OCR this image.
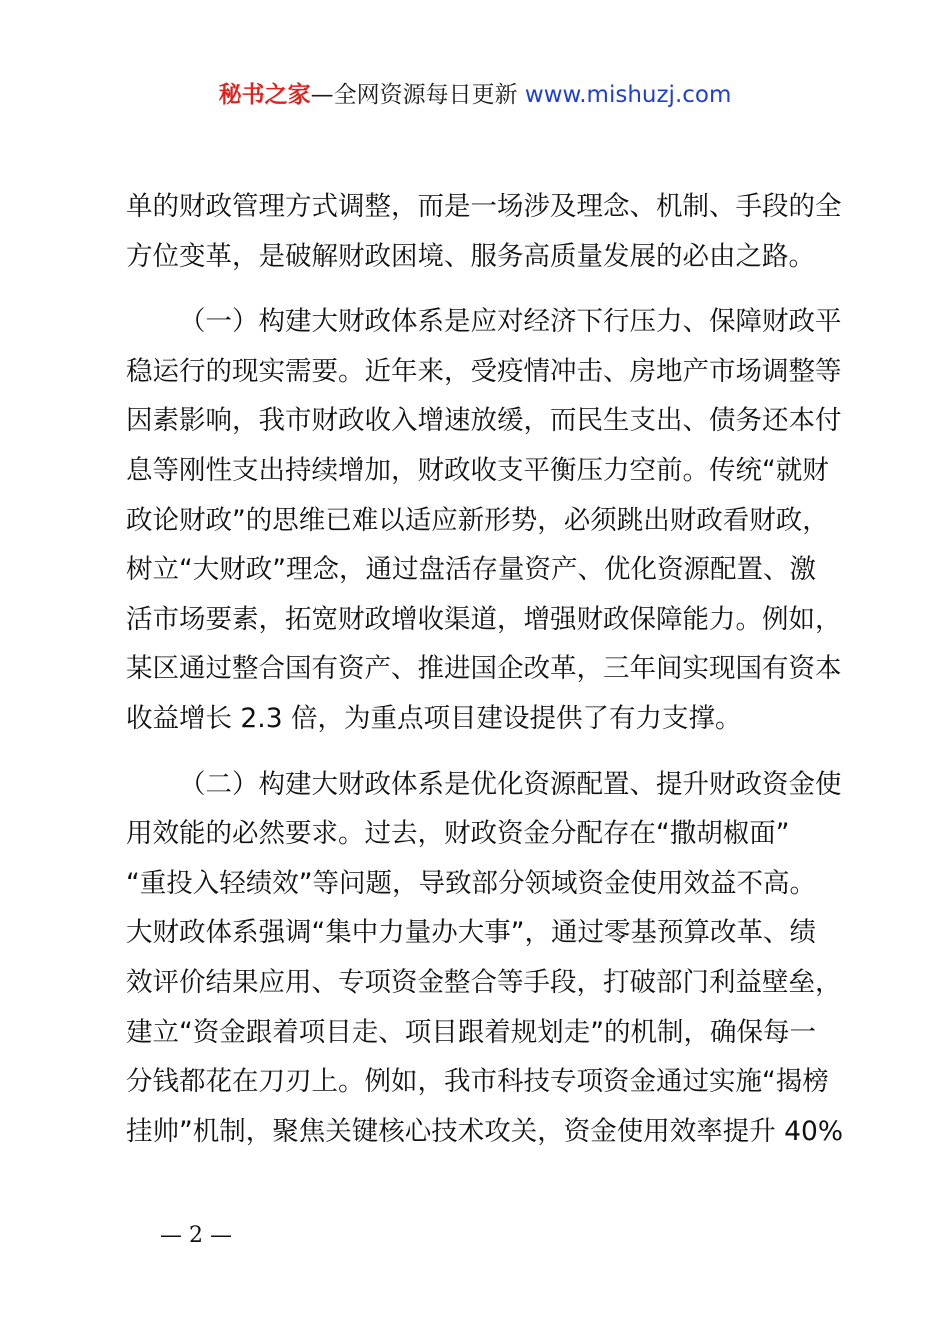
秘书之家—全网资源每日更新 www.mishuzj.com
单的财政管理方式调整，而是一场涉及理念、机制、手段的全
方位变革，是破解财政困境、服务高质量发展的必由之路。
（一）构建大财政体系是应对经济下行压力、保障财政平
稳运行的现实需要。近年来，受疫情冲击、房地产市场调整等
因素影响，我市财政收入增速放缓，而民生支出、债务还本付
息等刚性支出持续增加，财政收支平衡压力空前。传统“就财
政论财政”的思维已难以适应新形势，必须跳出财政看财政，
树立“大财政”理念，通过盘活存量资产、优化资源配置、激
活市场要素，拓宽财政增收渠道，增强财政保障能力。例如，
某区通过整合国有资产、推进国企改革，三年间实现国有资本
收益增长 2.3 倍，为重点项目建设提供了有力支撑。
（二）构建大财政体系是优化资源配置、提升财政资金使
用效能的必然要求。过去，财政资金分配存在“撒胡椒面”
“重投入轻绩效”等问题，导致部分领域资金使用效益不高。
大财政体系强调“集中力量办大事”，通过零基预算改革、绩
效评价结果应用、专项资金整合等手段，打破部门利益壁垒，
建立“资金跟着项目走、项目跟着规划走”的机制，确保每一
分钱都花在刀刃上。例如，我市科技专项资金通过实施“揭榜
挂帅”机制，聚焦关键核心技术攻关，资金使用效率提升 40%
— 2 —
